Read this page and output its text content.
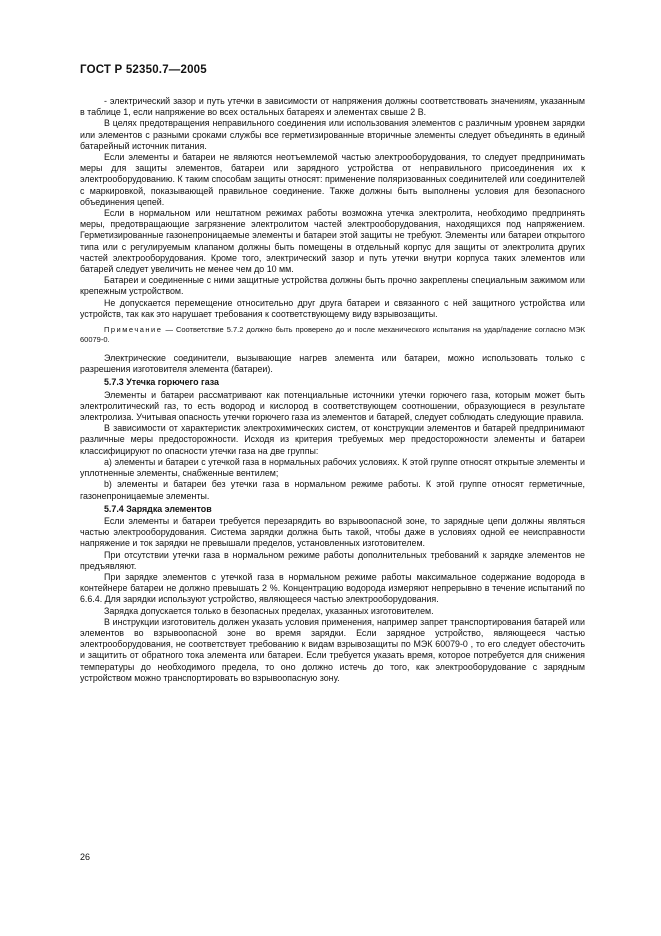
ГОСТ Р 52350.7—2005

- электрический зазор и путь утечки в зависимости от напряжения должны соответствовать значениям, указанным в таблице 1, если напряжение во всех остальных батареях и элементах свыше 2 В.

В целях предотвращения неправильного соединения или использования элементов с различным уровнем зарядки или элементов с разными сроками службы все герметизированные вторичные элементы следует объединять в единый батарейный источник питания.

Если элементы и батареи не являются неотъемлемой частью электрооборудования, то следует предпринимать меры для защиты элементов, батареи или зарядного устройства от неправильного присоединения их к электрооборудованию. К таким способам защиты относят: применение поляризованных соединителей или соединителей с маркировкой, показывающей правильное соединение. Также должны быть выполнены условия для безопасного объединения цепей.

Если в нормальном или нештатном режимах работы возможна утечка электролита, необходимо предпринять меры, предотвращающие загрязнение электролитом частей электрооборудования, находящихся под напряжением. Герметизированные газонепроницаемые элементы и батареи этой защиты не требуют. Элементы или батареи открытого типа или с регулируемым клапаном должны быть помещены в отдельный корпус для защиты от электролита других частей электрооборудования. Кроме того, электрический зазор и путь утечки внутри корпуса таких элементов или батарей следует увеличить не менее чем до 10 мм.

Батареи и соединенные с ними защитные устройства должны быть прочно закреплены специальным зажимом или крепежным устройством.

Не допускается перемещение относительно друг друга батареи и связанного с ней защитного устройства или устройств, так как это нарушает требования к соответствующему виду взрывозащиты.

Примечание — Соответствие 5.7.2 должно быть проверено до и после механического испытания на удар/падение согласно МЭК 60079-0.

Электрические соединители, вызывающие нагрев элемента или батареи, можно использовать только с разрешения изготовителя элемента (батареи).

5.7.3 Утечка горючего газа

Элементы и батареи рассматривают как потенциальные источники утечки горючего газа, которым может быть электролитический газ, то есть водород и кислород в соответствующем соотношении, образующиеся в результате электролиза. Учитывая опасность утечки горючего газа из элементов и батарей, следует соблюдать следующие правила.

В зависимости от характеристик электрохимических систем, от конструкции элементов и батарей предпринимают различные меры предосторожности. Исходя из критерия требуемых мер предосторожности элементы и батареи классифицируют по опасности утечки газа на две группы:

а) элементы и батареи с утечкой газа в нормальных рабочих условиях. К этой группе относят открытые элементы и уплотненные элементы, снабженные вентилем;

b) элементы и батареи без утечки газа в нормальном режиме работы. К этой группе относят герметичные, газонепроницаемые элементы.

5.7.4 Зарядка элементов

Если элементы и батареи требуется перезарядить во взрывоопасной зоне, то зарядные цепи должны являться частью электрооборудования. Система зарядки должна быть такой, чтобы даже в условиях одной ее неисправности напряжение и ток зарядки не превышали пределов, установленных изготовителем.

При отсутствии утечки газа в нормальном режиме работы дополнительных требований к зарядке элементов не предъявляют.

При зарядке элементов с утечкой газа в нормальном режиме работы максимальное содержание водорода в контейнере батареи не должно превышать 2 %. Концентрацию водорода измеряют непрерывно в течение испытаний по 6.6.4. Для зарядки используют устройство, являющееся частью электрооборудования.

Зарядка допускается только в безопасных пределах, указанных изготовителем.

В инструкции изготовитель должен указать условия применения, например запрет транспортирования батарей или элементов во взрывоопасной зоне во время зарядки. Если зарядное устройство, являющееся частью электрооборудования, не соответствует требованию к видам взрывозащиты по МЭК 60079-0 , то его следует обесточить и защитить от обратного тока элемента или батареи. Если требуется указать время, которое потребуется для снижения температуры до необходимого предела, то оно должно истечь до того, как электрооборудование с зарядным устройством можно транспортировать во взрывоопасную зону.

26
